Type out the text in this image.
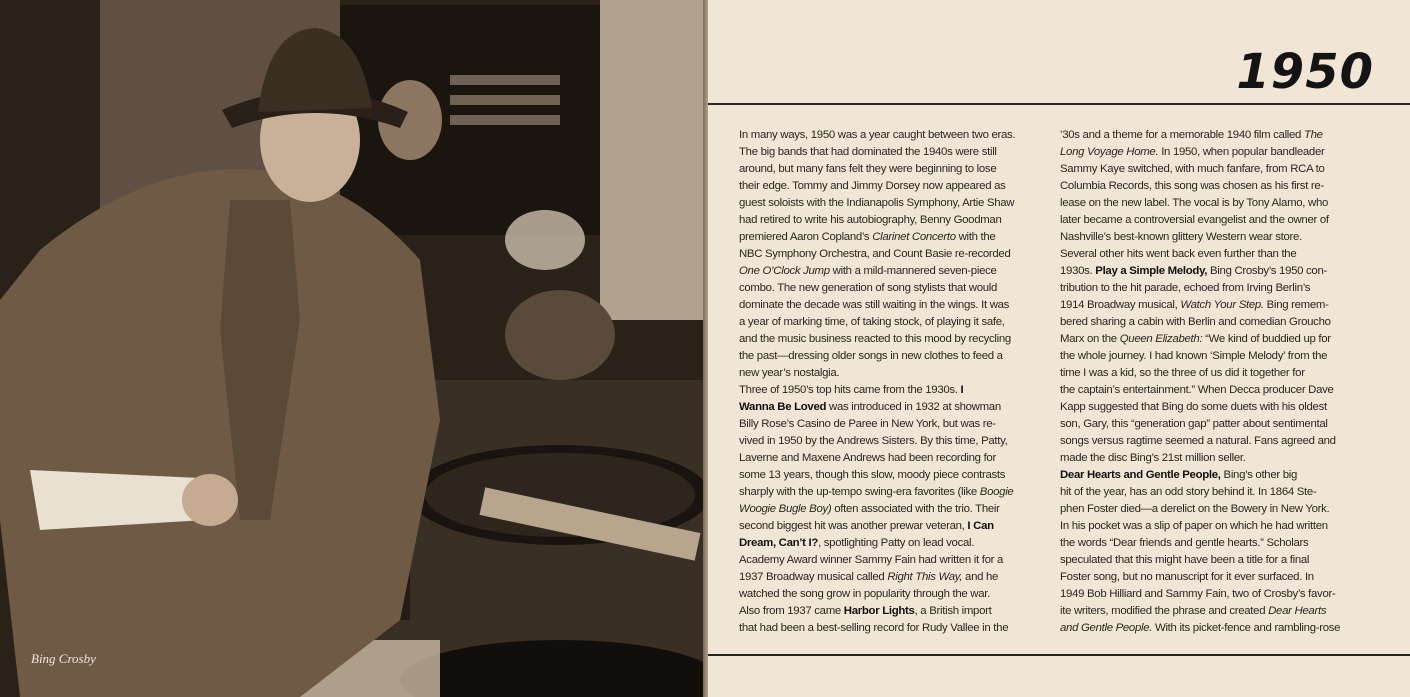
Bing Crosby
1950
In many ways, 1950 was a year caught between two eras.
The big bands that had dominated the 1940s were still
around, but many fans felt they were beginning to lose
their edge. Tommy and Jimmy Dorsey now appeared as
guest soloists with the Indianapolis Symphony, Artie Shaw
had retired to write his autobiography, Benny Goodman
premiered Aaron Copland’s Clarinet Concerto with the
NBC Symphony Orchestra, and Count Basie re-recorded
One O’Clock Jump with a mild-mannered seven-piece
combo. The new generation of song stylists that would
dominate the decade was still waiting in the wings. It was
a year of marking time, of taking stock, of playing it safe,
and the music business reacted to this mood by recycling
the past—dressing older songs in new clothes to feed a
new year’s nostalgia.
Three of 1950’s top hits came from the 1930s. I
Wanna Be Loved was introduced in 1932 at showman
Billy Rose’s Casino de Paree in New York, but was re-
vived in 1950 by the Andrews Sisters. By this time, Patty,
Laverne and Maxene Andrews had been recording for
some 13 years, though this slow, moody piece contrasts
sharply with the up-tempo swing-era favorites (like Boogie
Woogie Bugle Boy) often associated with the trio. Their
second biggest hit was another prewar veteran, I Can
Dream, Can’t I?, spotlighting Patty on lead vocal.
Academy Award winner Sammy Fain had written it for a
1937 Broadway musical called Right This Way, and he
watched the song grow in popularity through the war.
Also from 1937 came Harbor Lights, a British import
that had been a best-selling record for Rudy Vallee in the
’30s and a theme for a memorable 1940 film called The
Long Voyage Home. In 1950, when popular bandleader
Sammy Kaye switched, with much fanfare, from RCA to
Columbia Records, this song was chosen as his first re-
lease on the new label. The vocal is by Tony Alamo, who
later became a controversial evangelist and the owner of
Nashville’s best-known glittery Western wear store.
Several other hits went back even further than the
1930s. Play a Simple Melody, Bing Crosby’s 1950 con-
tribution to the hit parade, echoed from Irving Berlin’s
1914 Broadway musical, Watch Your Step. Bing remem-
bered sharing a cabin with Berlin and comedian Groucho
Marx on the Queen Elizabeth: “We kind of buddied up for
the whole journey. I had known ‘Simple Melody’ from the
time I was a kid, so the three of us did it together for
the captain’s entertainment.” When Decca producer Dave
Kapp suggested that Bing do some duets with his oldest
son, Gary, this “generation gap” patter about sentimental
songs versus ragtime seemed a natural. Fans agreed and
made the disc Bing’s 21st million seller.
Dear Hearts and Gentle People, Bing’s other big
hit of the year, has an odd story behind it. In 1864 Ste-
phen Foster died—a derelict on the Bowery in New York.
In his pocket was a slip of paper on which he had written
the words “Dear friends and gentle hearts.” Scholars
speculated that this might have been a title for a final
Foster song, but no manuscript for it ever surfaced. In
1949 Bob Hilliard and Sammy Fain, two of Crosby’s favor-
ite writers, modified the phrase and created Dear Hearts
and Gentle People. With its picket-fence and rambling-rose
